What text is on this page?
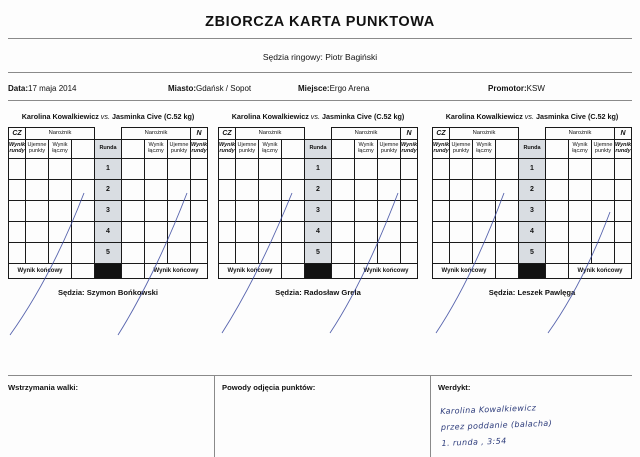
ZBIORCZA KARTA PUNKTOWA
Sędzia ringowy: Piotr Bagiński
Data: 17 maja 2014	Miasto: Gdańsk / Sopot	Miejsce: Ergo Arena	Promotor: KSW
Karolina Kowalkiewicz vs. Jasminka Cive (C.52 kg)
CZ	Narożnik				Narożnik			N
Wynik rundy	Ujemne punkty	Wynik łączny		Runda		Wynik łączny	Ujemne punkty	Wynik rundy
				1				
				2				
				3				
				4				
				5				
Wynik końcowy						Wynik końcowy		
Sędzia: Szymon Bońkowski
Karolina Kowalkiewicz vs. Jasminka Cive (C.52 kg)
CZ	Narożnik				Narożnik			N
Wynik rundy	Ujemne punkty	Wynik łączny		Runda		Wynik łączny	Ujemne punkty	Wynik rundy
				1				
				2				
				3				
				4				
				5				
Wynik końcowy						Wynik końcowy		
Sędzia: Radosław Grela
Karolina Kowalkiewicz vs. Jasminka Cive (C.52 kg)
CZ	Narożnik				Narożnik			N
Wynik rundy	Ujemne punkty	Wynik łączny		Runda		Wynik łączny	Ujemne punkty	Wynik rundy
				1				
				2				
				3				
				4				
				5				
Wynik końcowy						Wynik końcowy		
Sędzia: Leszek Pawlęga
Wstrzymania walki:	Powody odjęcia punktów:	Werdykt:
Karolina Kowalkiewicz
przez poddanie (balacha)
1. runda , 3:54
